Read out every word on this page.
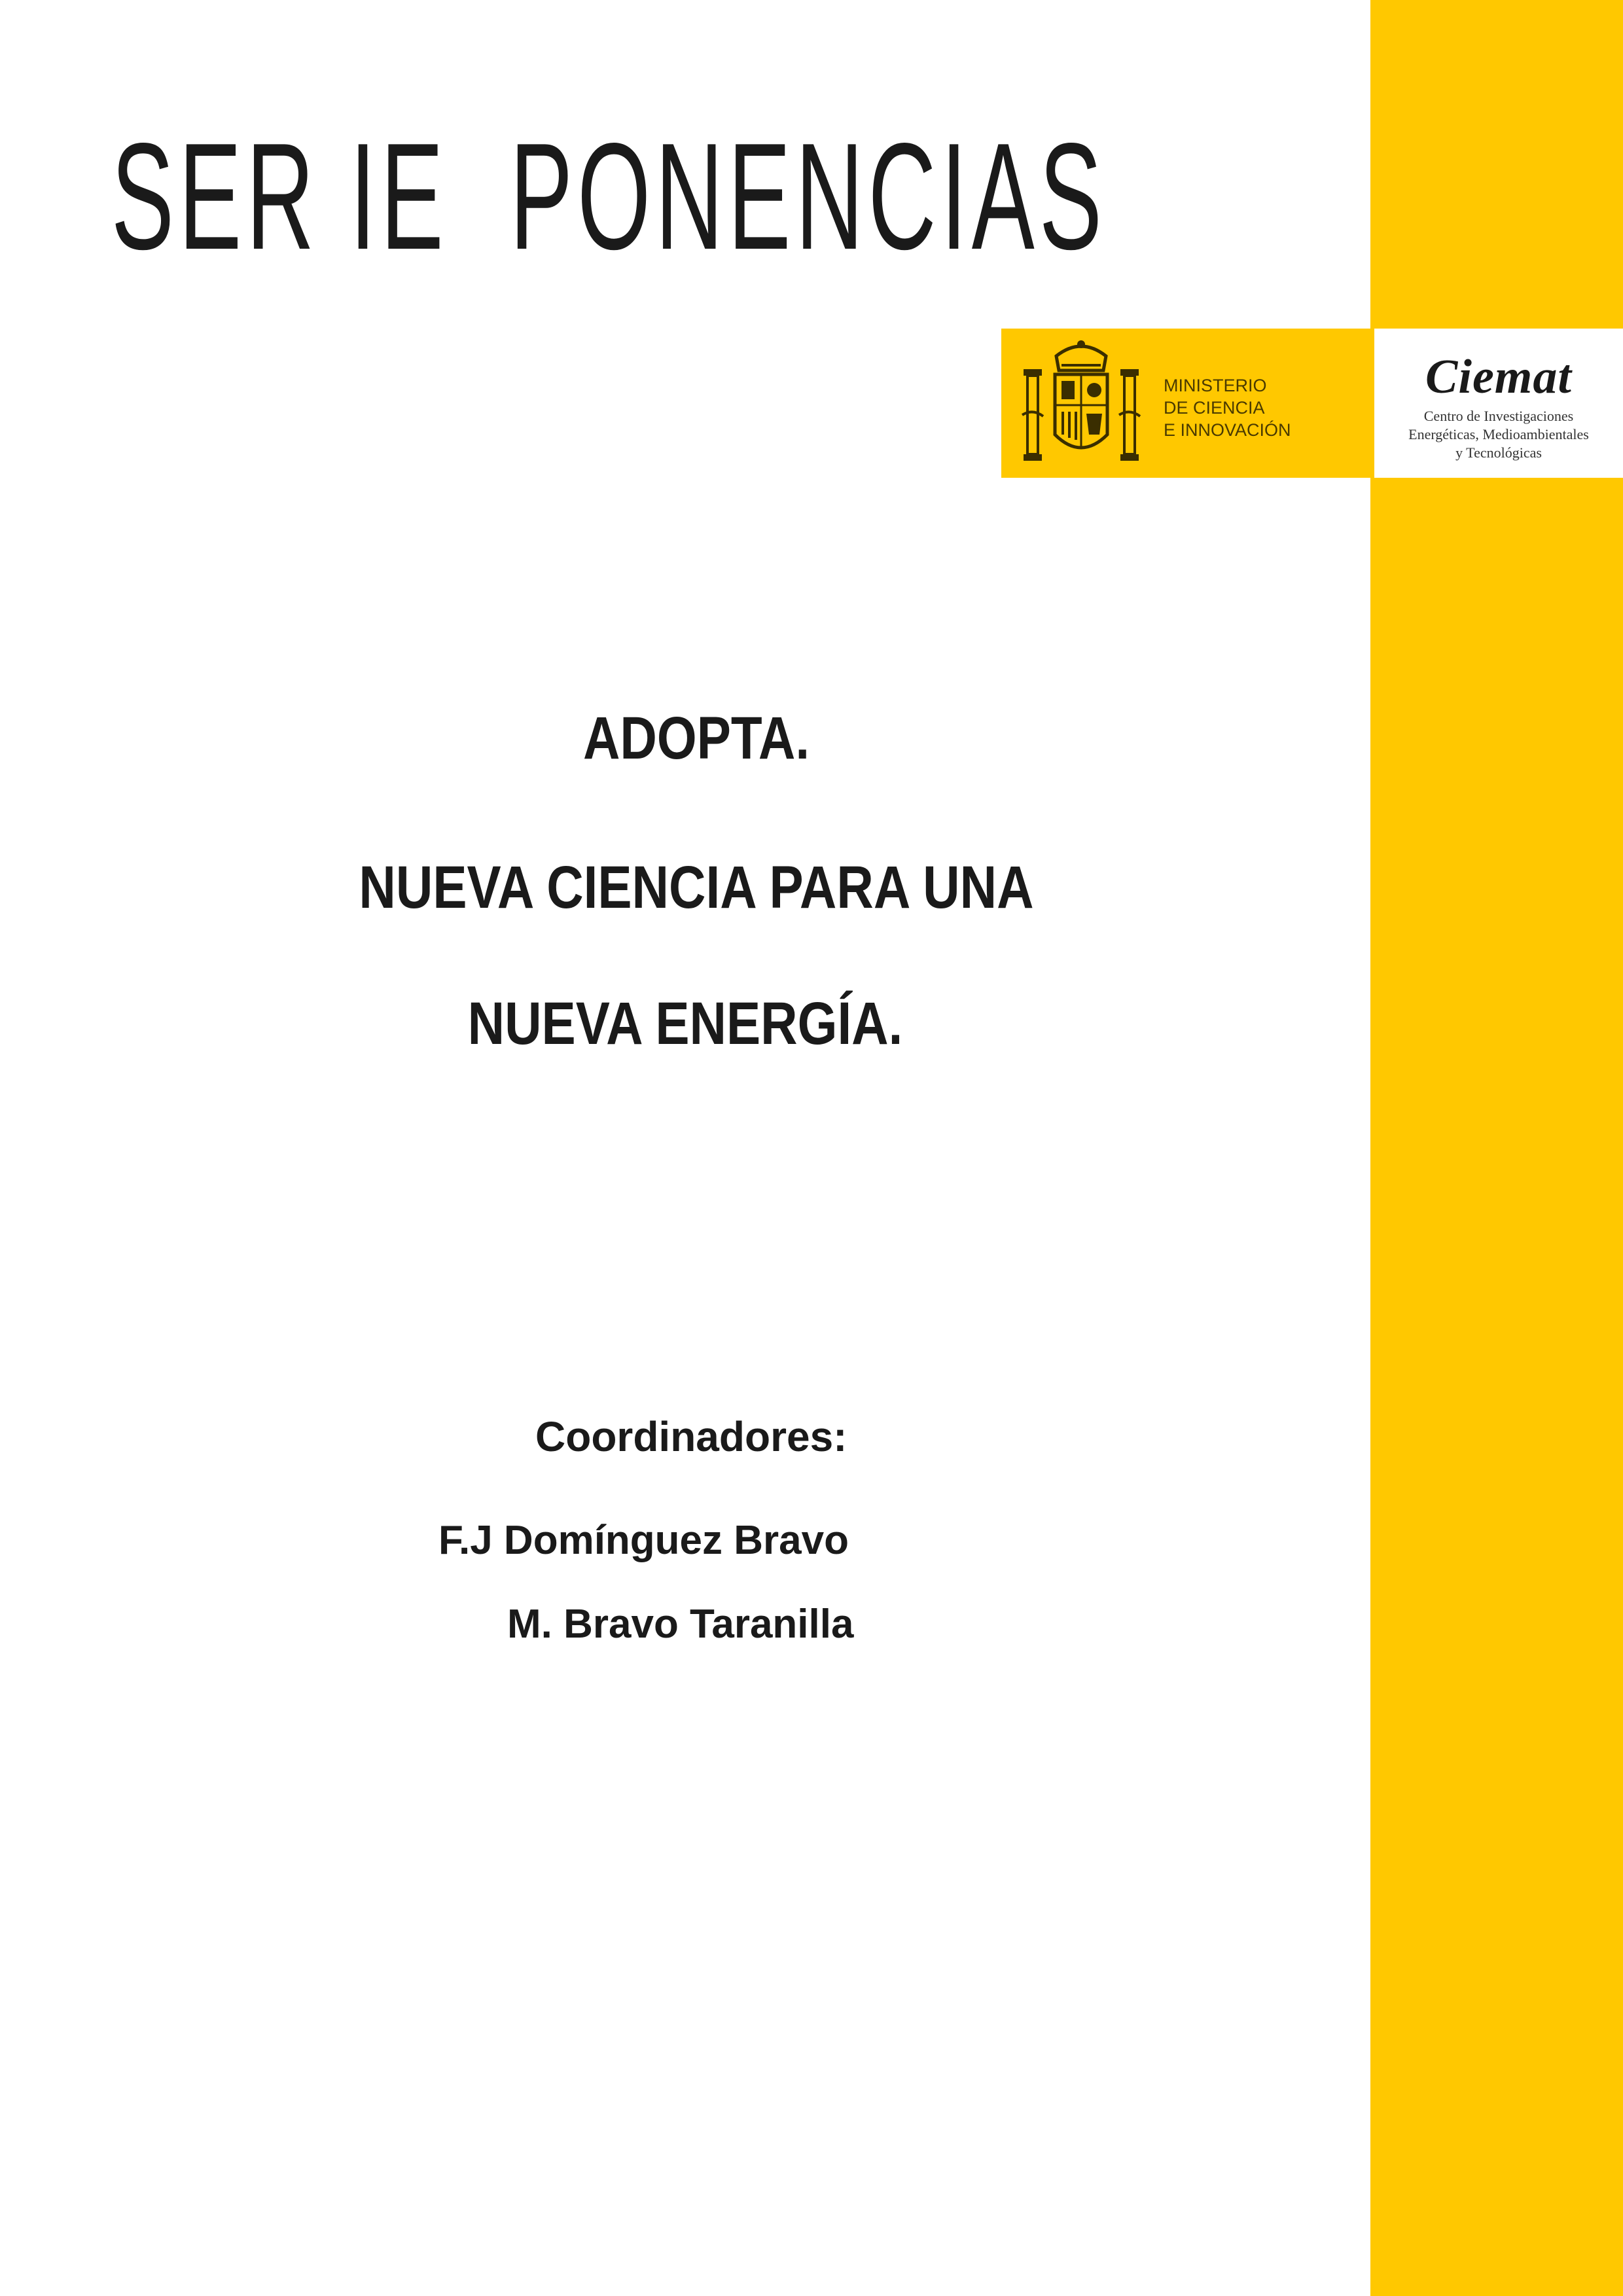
SER IE  PONENCIAS
MINISTERIO
DE CIENCIA
E INNOVACIÓN
Ciemat
Centro de Investigaciones
Energéticas, Medioambientales
y Tecnológicas
ADOPTA.
NUEVA CIENCIA PARA UNA
NUEVA ENERGÍA.
Coordinadores:
F.J Domínguez Bravo
M. Bravo Taranilla
